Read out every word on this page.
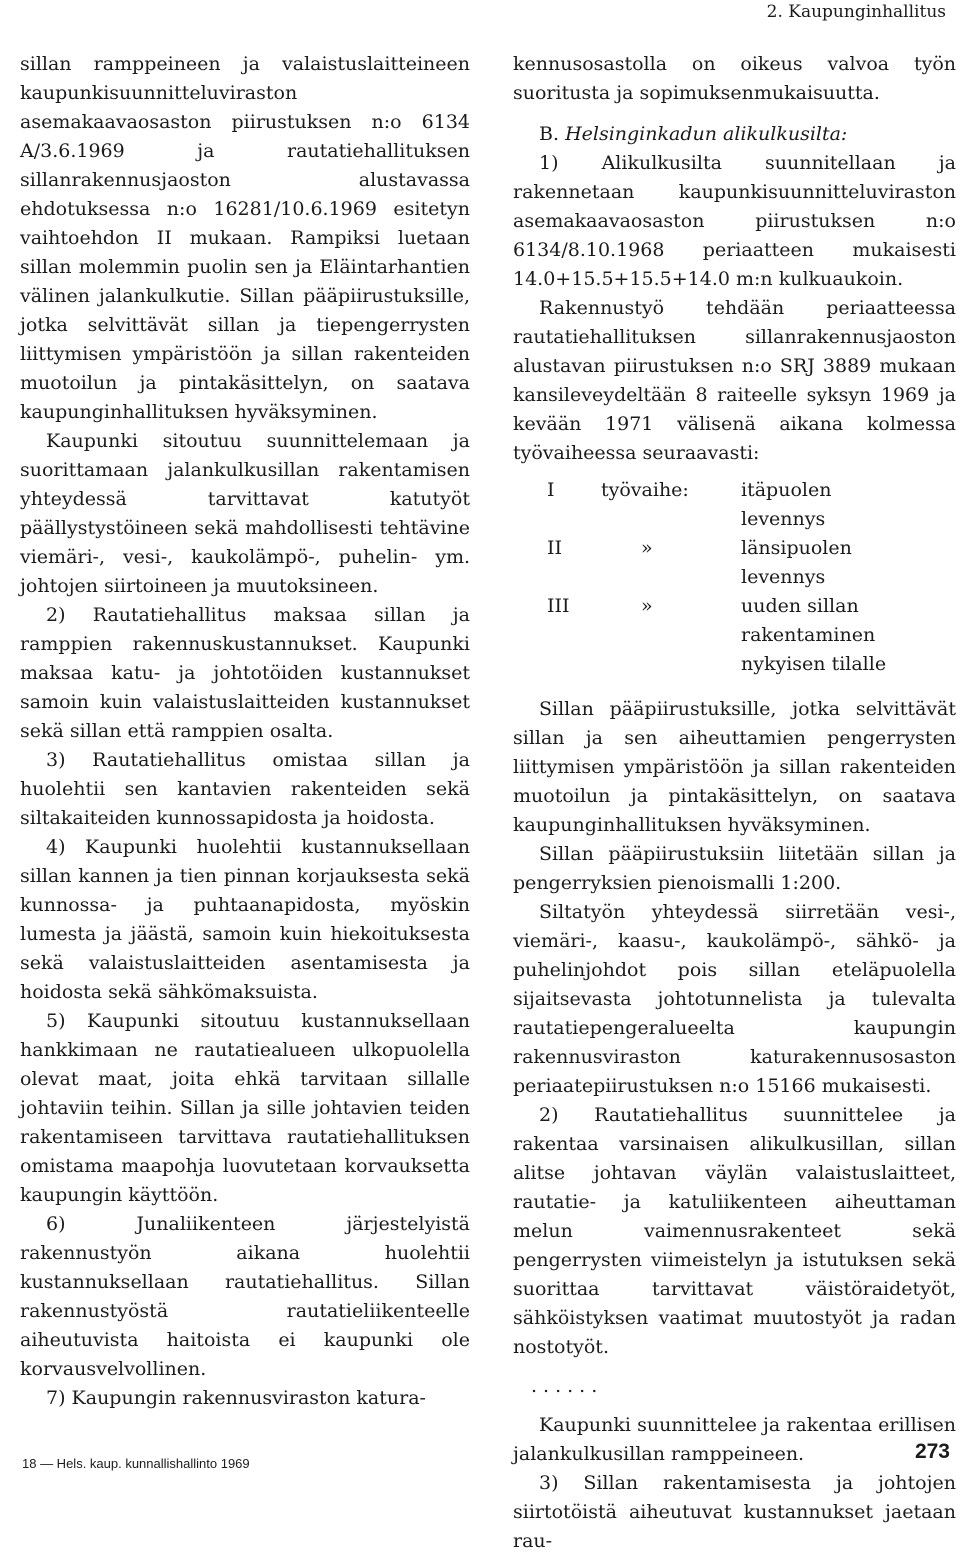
2. Kaupunginhallitus

sillan ramppeineen ja valaistuslaitteineen kaupunkisuunnitteluviraston asemakaavaosaston piirustuksen n:o 6134 A/3.6.1969 ja rautatiehallituksen sillanrakennusjaoston alustavassa ehdotuksessa n:o 16281/10.6.1969 esitetyn vaihtoehdon II mukaan. Rampiksi luetaan sillan molemmin puolin sen ja Eläintarhantien välinen jalankulkutie. Sillan pääpiirustuksille, jotka selvittävät sillan ja tiepengerrysten liittymisen ympäristöön ja sillan rakenteiden muotoilun ja pintakäsittelyn, on saatava kaupunginhallituksen hyväksyminen.

Kaupunki sitoutuu suunnittelemaan ja suorittamaan jalankulkusillan rakentamisen yhteydessä tarvittavat katutyöt päällystystöineen sekä mahdollisesti tehtävine viemäri-, vesi-, kaukolämpö-, puhelin- ym. johtojen siirtoineen ja muutoksineen.

2) Rautatiehallitus maksaa sillan ja ramppien rakennuskustannukset. Kaupunki maksaa katu- ja johtotöiden kustannukset samoin kuin valaistuslaitteiden kustannukset sekä sillan että ramppien osalta.

3) Rautatiehallitus omistaa sillan ja huolehtii sen kantavien rakenteiden sekä siltakaiteiden kunnossapidosta ja hoidosta.

4) Kaupunki huolehtii kustannuksellaan sillan kannen ja tien pinnan korjauksesta sekä kunnossa- ja puhtaanapidosta, myöskin lumesta ja jäästä, samoin kuin hiekoituksesta sekä valaistuslaitteiden asentamisesta ja hoidosta sekä sähkömaksuista.

5) Kaupunki sitoutuu kustannuksellaan hankkimaan ne rautatiealueen ulkopuolella olevat maat, joita ehkä tarvitaan sillalle johtaviin teihin. Sillan ja sille johtavien teiden rakentamiseen tarvittava rautatiehallituksen omistama maapohja luovutetaan korvauksetta kaupungin käyttöön.

6) Junaliikenteen järjestelyistä rakennustyön aikana huolehtii kustannuksellaan rautatiehallitus. Sillan rakennustyöstä rautatieliikenteelle aiheutuvista haitoista ei kaupunki ole korvausvelvollinen.

7) Kaupungin rakennusviraston katura-

kennusosastolla on oikeus valvoa työn suoritusta ja sopimuksenmukaisuutta.

B. Helsinginkadun alikulkusilta:

1) Alikulkusilta suunnitellaan ja rakennetaan kaupunkisuunnitteluviraston asemakaavaosaston piirustuksen n:o 6134/8.10.1968 periaatteen mukaisesti 14.0+15.5+15.5+14.0 m:n kulkuaukoin.

Rakennustyö tehdään periaatteessa rautatiehallituksen sillanrakennusjaoston alustavan piirustuksen n:o SRJ 3889 mukaan kansileveydeltään 8 raiteelle syksyn 1969 ja kevään 1971 välisenä aikana kolmessa työvaiheessa seuraavasti:

I	työvaihe:	itäpuolen levennys
II	»	länsipuolen levennys
III	»	uuden sillan rakentaminen nykyisen tilalle

Sillan pääpiirustuksille, jotka selvittävät sillan ja sen aiheuttamien pengerrysten liittymisen ympäristöön ja sillan rakenteiden muotoilun ja pintakäsittelyn, on saatava kaupunginhallituksen hyväksyminen.

Sillan pääpiirustuksiin liitetään sillan ja pengerryksien pienoismalli 1:200.

Siltatyön yhteydessä siirretään vesi-, viemäri-, kaasu-, kaukolämpö-, sähkö- ja puhelinjohdot pois sillan eteläpuolella sijaitsevasta johtotunnelista ja tulevalta rautatiepengeralueelta kaupungin rakennusviraston katurakennusosaston periaatepiirustuksen n:o 15166 mukaisesti.

2) Rautatiehallitus suunnittelee ja rakentaa varsinaisen alikulkusillan, sillan alitse johtavan väylän valaistuslaitteet, rautatie- ja katuliikenteen aiheuttaman melun vaimennusrakenteet sekä pengerrysten viimeistelyn ja istutuksen sekä suorittaa tarvittavat väistöraidetyöt, sähköistyksen vaatimat muutostyöt ja radan nostotyöt.

......

Kaupunki suunnittelee ja rakentaa erillisen jalankulkusillan ramppeineen.

3) Sillan rakentamisesta ja johtojen siirtotöistä aiheutuvat kustannukset jaetaan rau-

18 — Hels. kaup. kunnallishallinto 1969
273
